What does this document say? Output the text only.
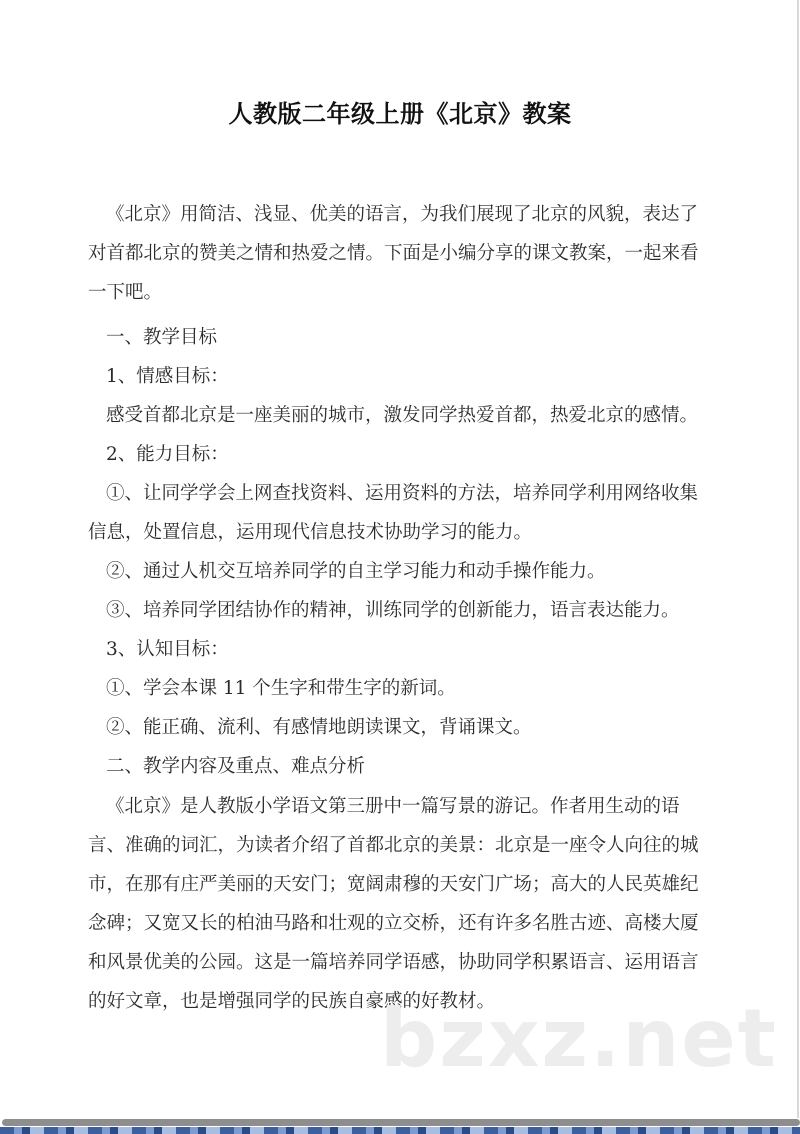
人教版二年级上册《北京》教案
《北京》用简洁、浅显、优美的语言，为我们展现了北京的风貌，表达了
对首都北京的赞美之情和热爱之情。下面是小编分享的课文教案，一起来看
一下吧。
一、教学目标
1、情感目标：
感受首都北京是一座美丽的城市，激发同学热爱首都，热爱北京的感情。
2、能力目标：
①、让同学学会上网查找资料、运用资料的方法，培养同学利用网络收集
信息，处置信息，运用现代信息技术协助学习的能力。
②、通过人机交互培养同学的自主学习能力和动手操作能力。
③、培养同学团结协作的精神，训练同学的创新能力，语言表达能力。
3、认知目标：
①、学会本课 11 个生字和带生字的新词。
②、能正确、流利、有感情地朗读课文，背诵课文。
二、教学内容及重点、难点分析
《北京》是人教版小学语文第三册中一篇写景的游记。作者用生动的语
言、准确的词汇，为读者介绍了首都北京的美景：北京是一座令人向往的城
市，在那有庄严美丽的天安门；宽阔肃穆的天安门广场；高大的人民英雄纪
念碑；又宽又长的柏油马路和壮观的立交桥，还有许多名胜古迹、高楼大厦
和风景优美的公园。这是一篇培养同学语感，协助同学积累语言、运用语言
的好文章，也是增强同学的民族自豪感的好教材。
bzxz.net
